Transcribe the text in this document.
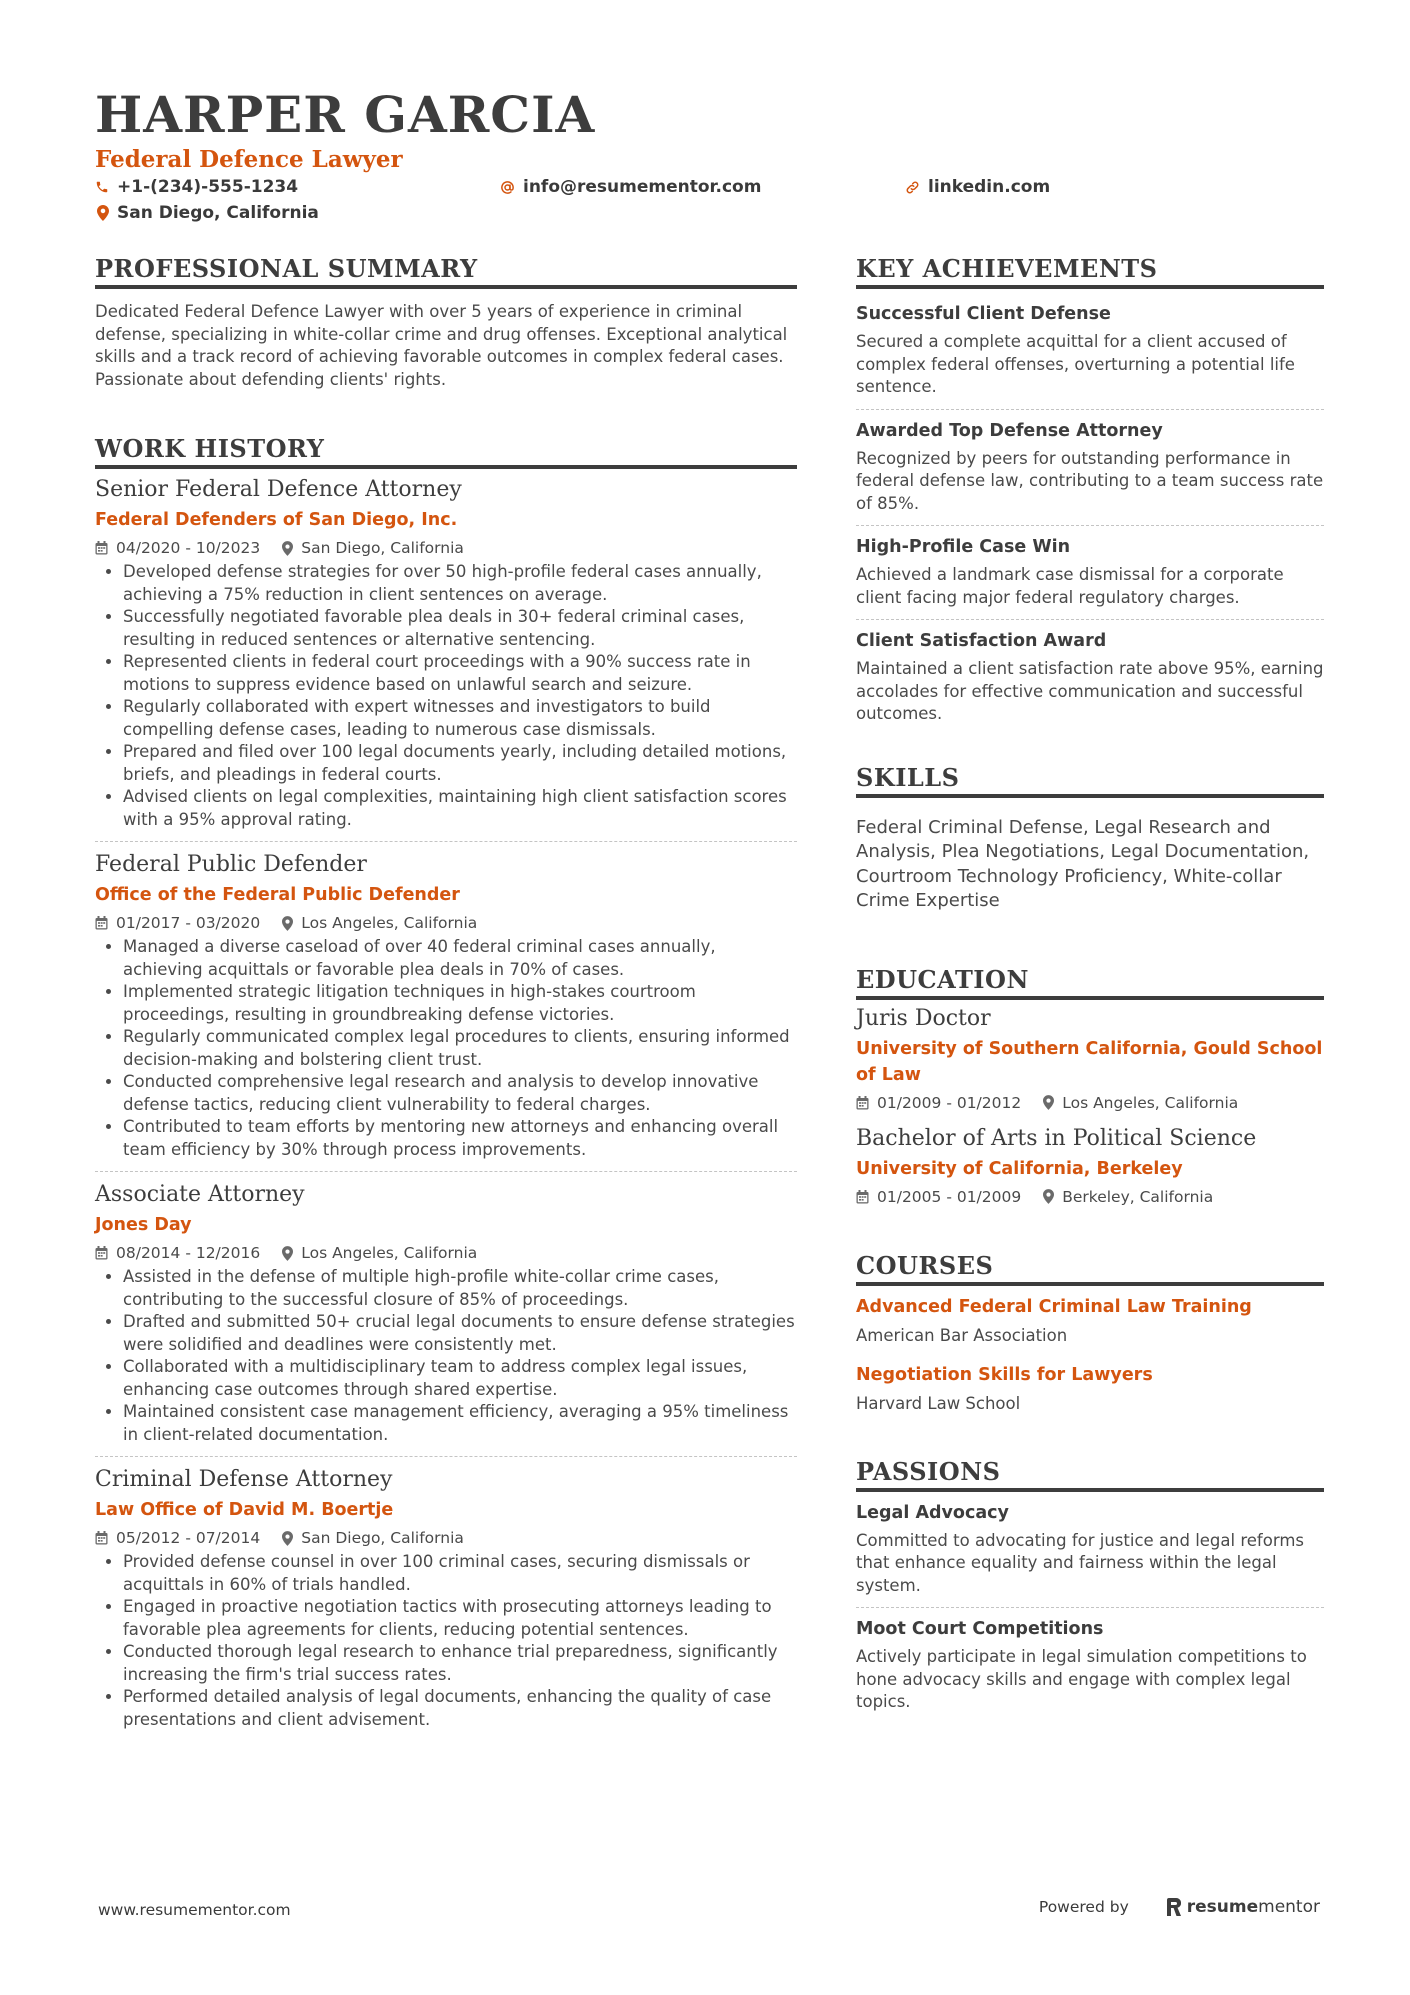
HARPER GARCIA
Federal Defence Lawyer
+1-(234)-555-1234	info@resumementor.com	linkedin.com
San Diego, California
PROFESSIONAL SUMMARY
Dedicated Federal Defence Lawyer with over 5 years of experience in criminal defense, specializing in white-collar crime and drug offenses. Exceptional analytical skills and a track record of achieving favorable outcomes in complex federal cases. Passionate about defending clients' rights.
WORK HISTORY
Senior Federal Defence Attorney
Federal Defenders of San Diego, Inc.
04/2020 - 10/2023	San Diego, California
• Developed defense strategies for over 50 high-profile federal cases annually, achieving a 75% reduction in client sentences on average.
• Successfully negotiated favorable plea deals in 30+ federal criminal cases, resulting in reduced sentences or alternative sentencing.
• Represented clients in federal court proceedings with a 90% success rate in motions to suppress evidence based on unlawful search and seizure.
• Regularly collaborated with expert witnesses and investigators to build compelling defense cases, leading to numerous case dismissals.
• Prepared and filed over 100 legal documents yearly, including detailed motions, briefs, and pleadings in federal courts.
• Advised clients on legal complexities, maintaining high client satisfaction scores with a 95% approval rating.
Federal Public Defender
Office of the Federal Public Defender
01/2017 - 03/2020	Los Angeles, California
• Managed a diverse caseload of over 40 federal criminal cases annually, achieving acquittals or favorable plea deals in 70% of cases.
• Implemented strategic litigation techniques in high-stakes courtroom proceedings, resulting in groundbreaking defense victories.
• Regularly communicated complex legal procedures to clients, ensuring informed decision-making and bolstering client trust.
• Conducted comprehensive legal research and analysis to develop innovative defense tactics, reducing client vulnerability to federal charges.
• Contributed to team efforts by mentoring new attorneys and enhancing overall team efficiency by 30% through process improvements.
Associate Attorney
Jones Day
08/2014 - 12/2016	Los Angeles, California
• Assisted in the defense of multiple high-profile white-collar crime cases, contributing to the successful closure of 85% of proceedings.
• Drafted and submitted 50+ crucial legal documents to ensure defense strategies were solidified and deadlines were consistently met.
• Collaborated with a multidisciplinary team to address complex legal issues, enhancing case outcomes through shared expertise.
• Maintained consistent case management efficiency, averaging a 95% timeliness in client-related documentation.
Criminal Defense Attorney
Law Office of David M. Boertje
05/2012 - 07/2014	San Diego, California
• Provided defense counsel in over 100 criminal cases, securing dismissals or acquittals in 60% of trials handled.
• Engaged in proactive negotiation tactics with prosecuting attorneys leading to favorable plea agreements for clients, reducing potential sentences.
• Conducted thorough legal research to enhance trial preparedness, significantly increasing the firm's trial success rates.
• Performed detailed analysis of legal documents, enhancing the quality of case presentations and client advisement.
KEY ACHIEVEMENTS
Successful Client Defense
Secured a complete acquittal for a client accused of complex federal offenses, overturning a potential life sentence.
Awarded Top Defense Attorney
Recognized by peers for outstanding performance in federal defense law, contributing to a team success rate of 85%.
High-Profile Case Win
Achieved a landmark case dismissal for a corporate client facing major federal regulatory charges.
Client Satisfaction Award
Maintained a client satisfaction rate above 95%, earning accolades for effective communication and successful outcomes.
SKILLS
Federal Criminal Defense, Legal Research and Analysis, Plea Negotiations, Legal Documentation, Courtroom Technology Proficiency, White-collar Crime Expertise
EDUCATION
Juris Doctor
University of Southern California, Gould School of Law
01/2009 - 01/2012	Los Angeles, California
Bachelor of Arts in Political Science
University of California, Berkeley
01/2005 - 01/2009	Berkeley, California
COURSES
Advanced Federal Criminal Law Training
American Bar Association
Negotiation Skills for Lawyers
Harvard Law School
PASSIONS
Legal Advocacy
Committed to advocating for justice and legal reforms that enhance equality and fairness within the legal system.
Moot Court Competitions
Actively participate in legal simulation competitions to hone advocacy skills and engage with complex legal topics.
www.resumementor.com	Powered by	resumementor
